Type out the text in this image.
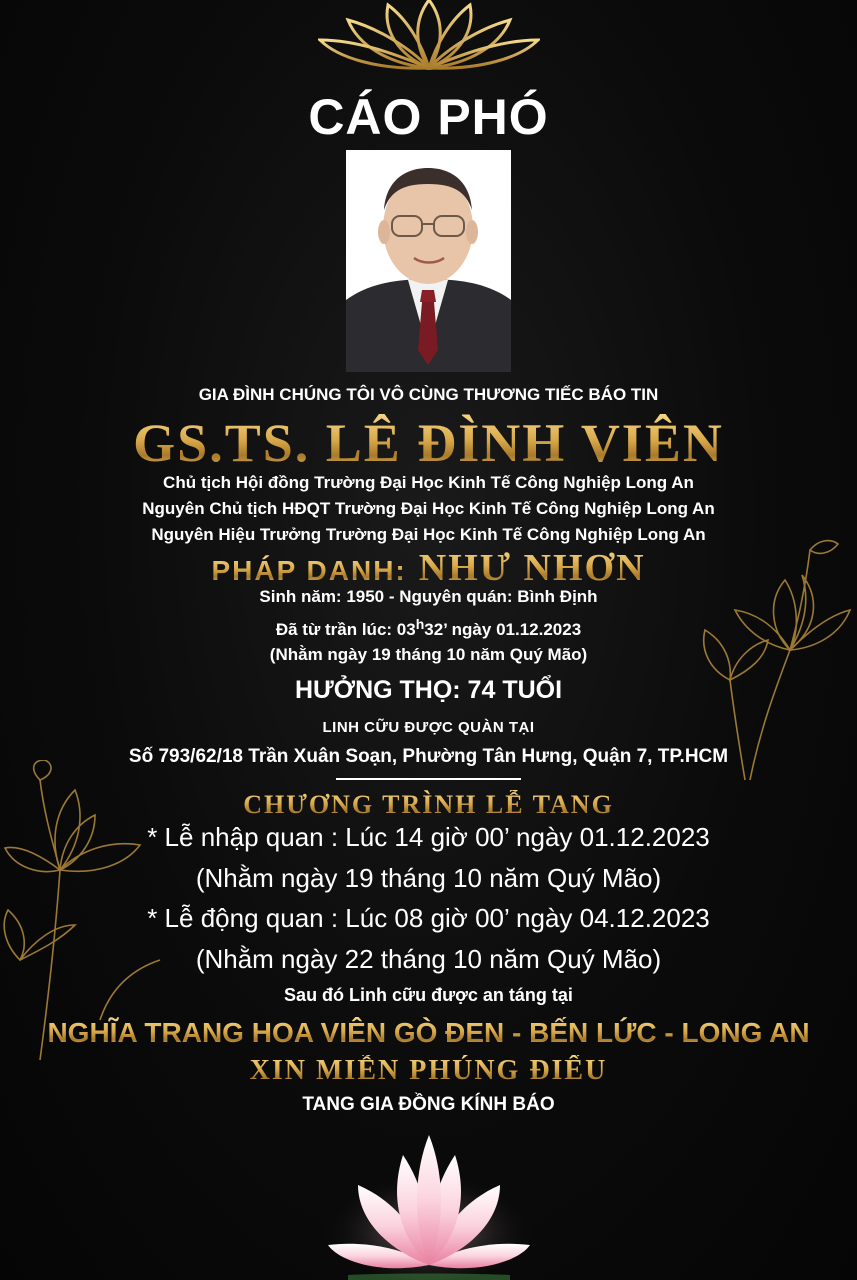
CÁO PHÓ
GIA ĐÌNH CHÚNG TÔI VÔ CÙNG THƯƠNG TIẾC BÁO TIN
GS.TS. LÊ ĐÌNH VIÊN
Chủ tịch Hội đồng Trường Đại Học Kinh Tế Công Nghiệp Long An
Nguyên Chủ tịch HĐQT Trường Đại Học Kinh Tế Công Nghiệp Long An
Nguyên Hiệu Trưởng Trường Đại Học Kinh Tế Công Nghiệp Long An
PHÁP DANH: NHƯ NHƠN
Sinh năm: 1950 - Nguyên quán: Bình Định
Đã từ trần lúc: 03$^h$32’ ngày 01.12.2023
(Nhằm ngày 19 tháng 10 năm Quý Mão)
HƯỞNG THỌ: 74 TUỔI
LINH CỮU ĐƯỢC QUÀN TẠI
Số 793/62/18 Trần Xuân Soạn, Phường Tân Hưng, Quận 7, TP.HCM
CHƯƠNG TRÌNH LỄ TANG
* Lễ nhập quan : Lúc 14 giờ 00’ ngày 01.12.2023
(Nhằm ngày 19 tháng 10 năm Quý Mão)
* Lễ động quan : Lúc 08 giờ 00’ ngày 04.12.2023
(Nhằm ngày 22 tháng 10 năm Quý Mão)
Sau đó Linh cữu được an táng tại
NGHĨA TRANG HOA VIÊN GÒ ĐEN - BẾN LỨC - LONG AN
XIN MIỄN PHÚNG ĐIẾU
TANG GIA ĐỒNG KÍNH BÁO
